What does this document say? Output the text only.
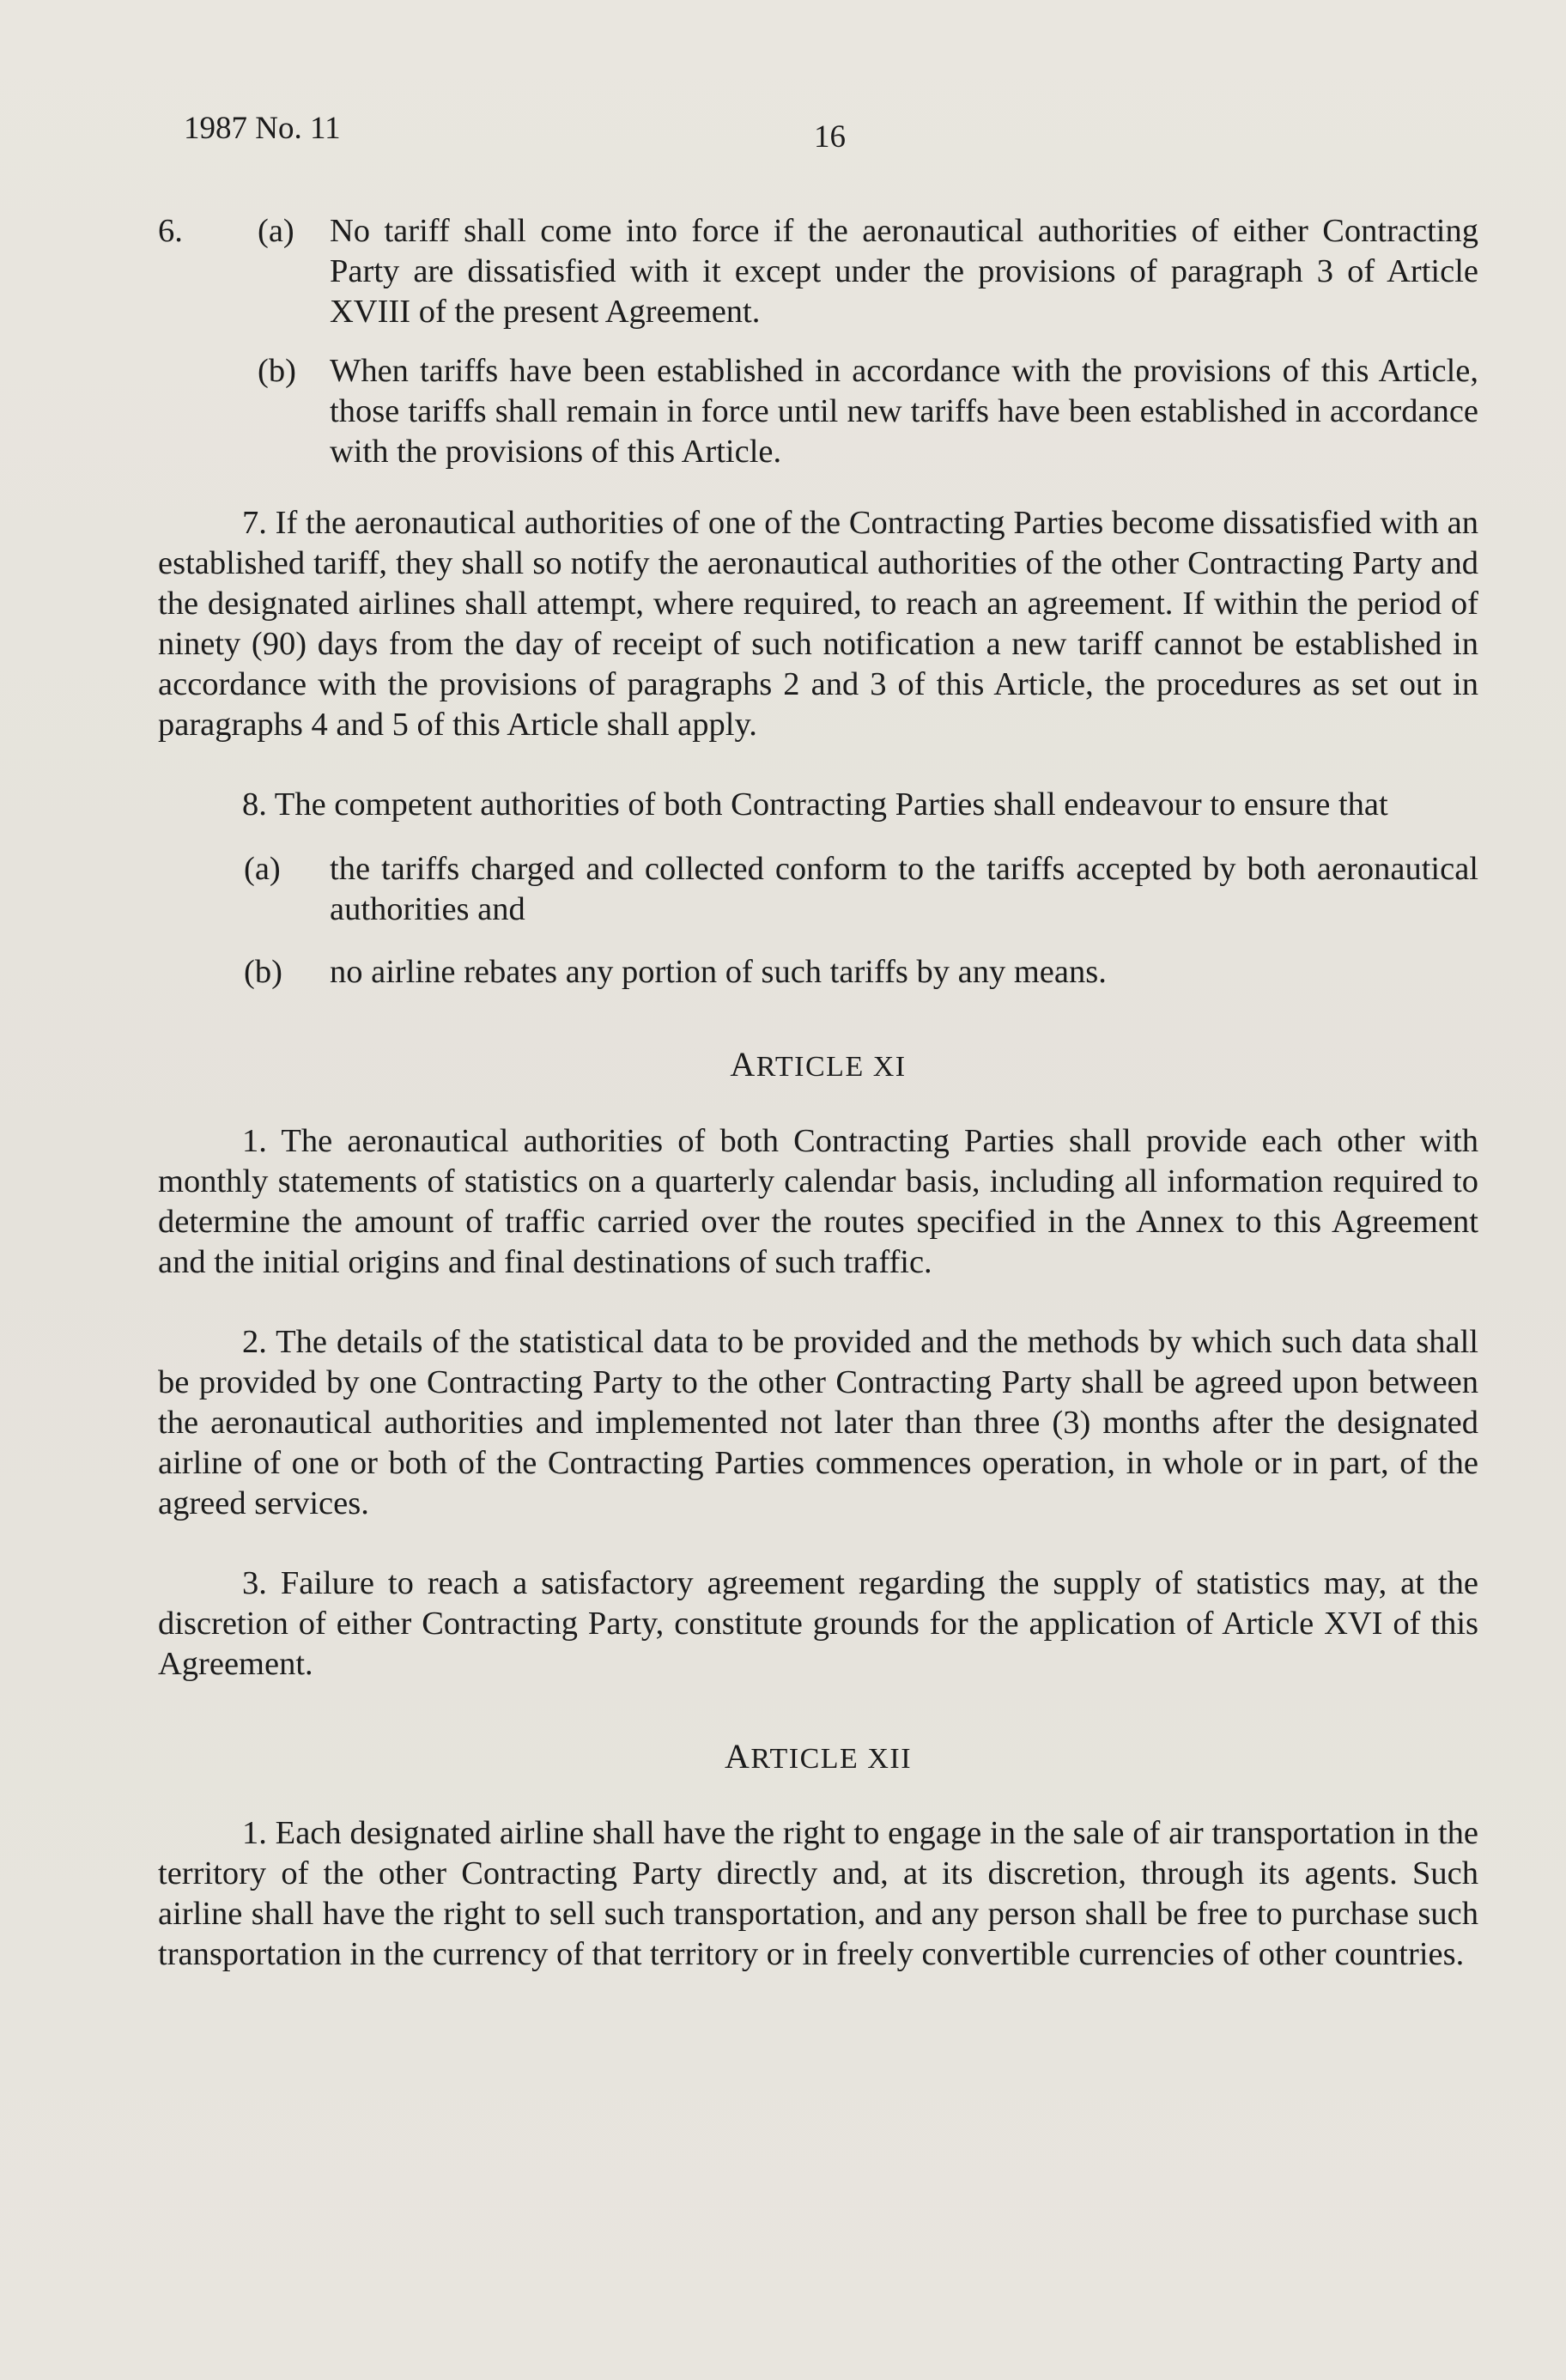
1987 No. 11	16
6. (a) No tariff shall come into force if the aeronautical authorities of either Contracting Party are dissatisfied with it except under the provisions of paragraph 3 of Article XVIII of the present Agreement.
(b) When tariffs have been established in accordance with the provisions of this Article, those tariffs shall remain in force until new tariffs have been established in accordance with the provisions of this Article.

7. If the aeronautical authorities of one of the Contracting Parties become dissatisfied with an established tariff, they shall so notify the aeronautical authorities of the other Contracting Party and the designated airlines shall attempt, where required, to reach an agreement. If within the period of ninety (90) days from the day of receipt of such notification a new tariff cannot be established in accordance with the provisions of paragraphs 2 and 3 of this Article, the procedures as set out in paragraphs 4 and 5 of this Article shall apply.

8. The competent authorities of both Contracting Parties shall endeavour to ensure that

(a) the tariffs charged and collected conform to the tariffs accepted by both aeronautical authorities and
(b) no airline rebates any portion of such tariffs by any means.
ARTICLE XI

1. The aeronautical authorities of both Contracting Parties shall provide each other with monthly statements of statistics on a quarterly calendar basis, including all information required to determine the amount of traffic carried over the routes specified in the Annex to this Agreement and the initial origins and final destinations of such traffic.

2. The details of the statistical data to be provided and the methods by which such data shall be provided by one Contracting Party to the other Contracting Party shall be agreed upon between the aeronautical authorities and implemented not later than three (3) months after the designated airline of one or both of the Contracting Parties commences operation, in whole or in part, of the agreed services.

3. Failure to reach a satisfactory agreement regarding the supply of statistics may, at the discretion of either Contracting Party, constitute grounds for the application of Article XVI of this Agreement.

ARTICLE XII

1. Each designated airline shall have the right to engage in the sale of air transportation in the territory of the other Contracting Party directly and, at its discretion, through its agents. Such airline shall have the right to sell such transportation, and any person shall be free to purchase such transportation in the currency of that territory or in freely convertible currencies of other countries.
